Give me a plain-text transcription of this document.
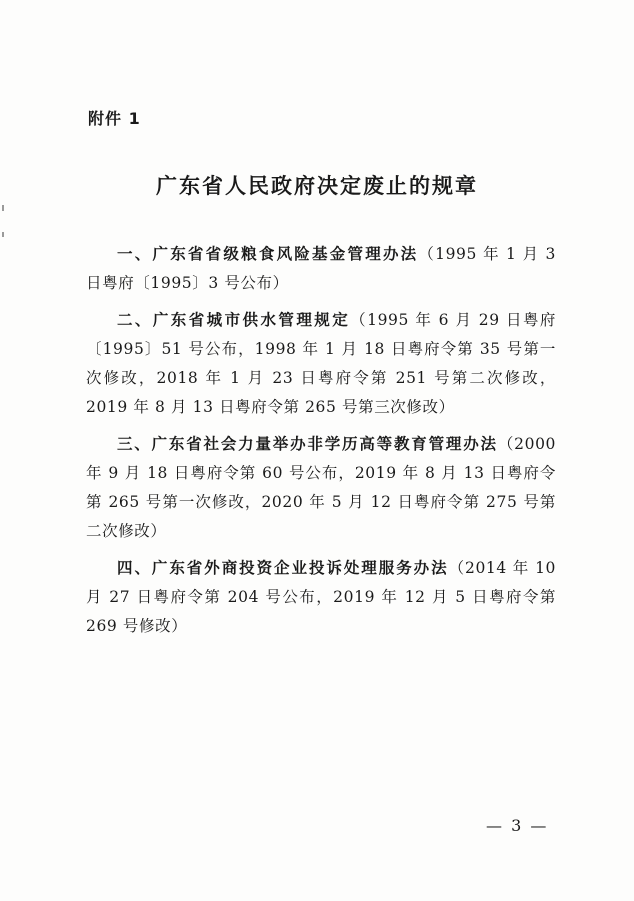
附件 1
广东省人民政府决定废止的规章

一、广东省省级粮食风险基金管理办法（1995 年 1 月 3 日粤府〔1995〕3 号公布）

二、广东省城市供水管理规定（1995 年 6 月 29 日粤府〔1995〕51 号公布，1998 年 1 月 18 日粤府令第 35 号第一次修改，2018 年 1 月 23 日粤府令第 251 号第二次修改，2019 年 8 月 13 日粤府令第 265 号第三次修改）

三、广东省社会力量举办非学历高等教育管理办法（2000 年 9 月 18 日粤府令第 60 号公布，2019 年 8 月 13 日粤府令第 265 号第一次修改，2020 年 5 月 12 日粤府令第 275 号第二次修改）

四、广东省外商投资企业投诉处理服务办法（2014 年 10 月 27 日粤府令第 204 号公布，2019 年 12 月 5 日粤府令第 269 号修改）

— 3 —
